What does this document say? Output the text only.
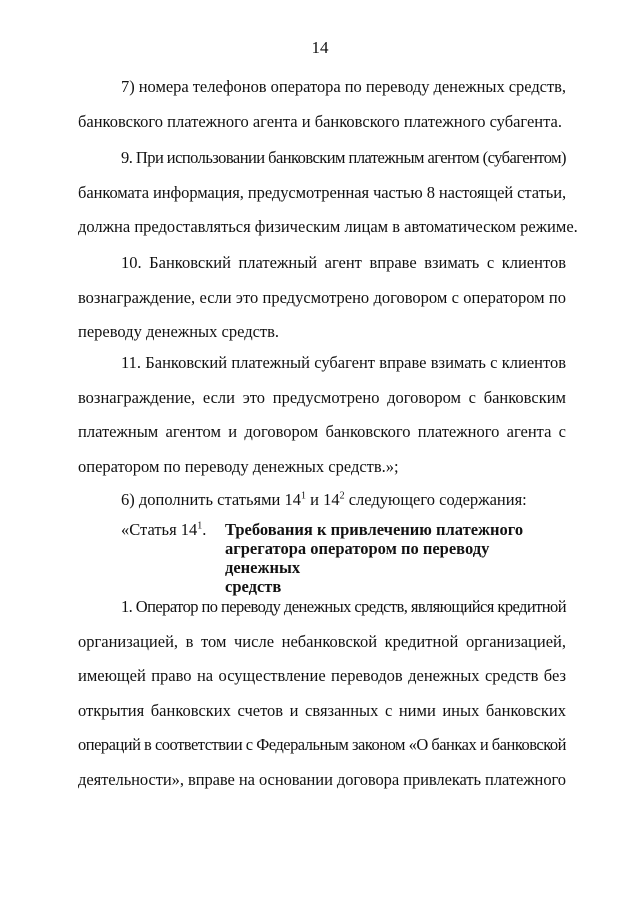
14
7) номера телефонов оператора по переводу денежных средств,
банковского платежного агента и банковского платежного субагента.
9. При использовании банковским платежным агентом (субагентом)
банкомата информация, предусмотренная частью 8 настоящей статьи,
должна предоставляться физическим лицам в автоматическом режиме.
10. Банковский платежный агент вправе взимать с клиентов
вознаграждение, если это предусмотрено договором с оператором по
переводу денежных средств.
11. Банковский платежный субагент вправе взимать с клиентов
вознаграждение, если это предусмотрено договором с банковским
платежным агентом и договором банковского платежного агента с
оператором по переводу денежных средств.»;
6) дополнить статьями $14^1$ и $14^2$ следующего содержания:
«Статья $14^1$. Требования к привлечению платежного
агрегатора оператором по переводу денежных
средств
1. Оператор по переводу денежных средств, являющийся кредитной
организацией, в том числе небанковской кредитной организацией,
имеющей право на осуществление переводов денежных средств без
открытия банковских счетов и связанных с ними иных банковских
операций в соответствии с Федеральным законом «О банках и банковской
деятельности», вправе на основании договора привлекать платежного
